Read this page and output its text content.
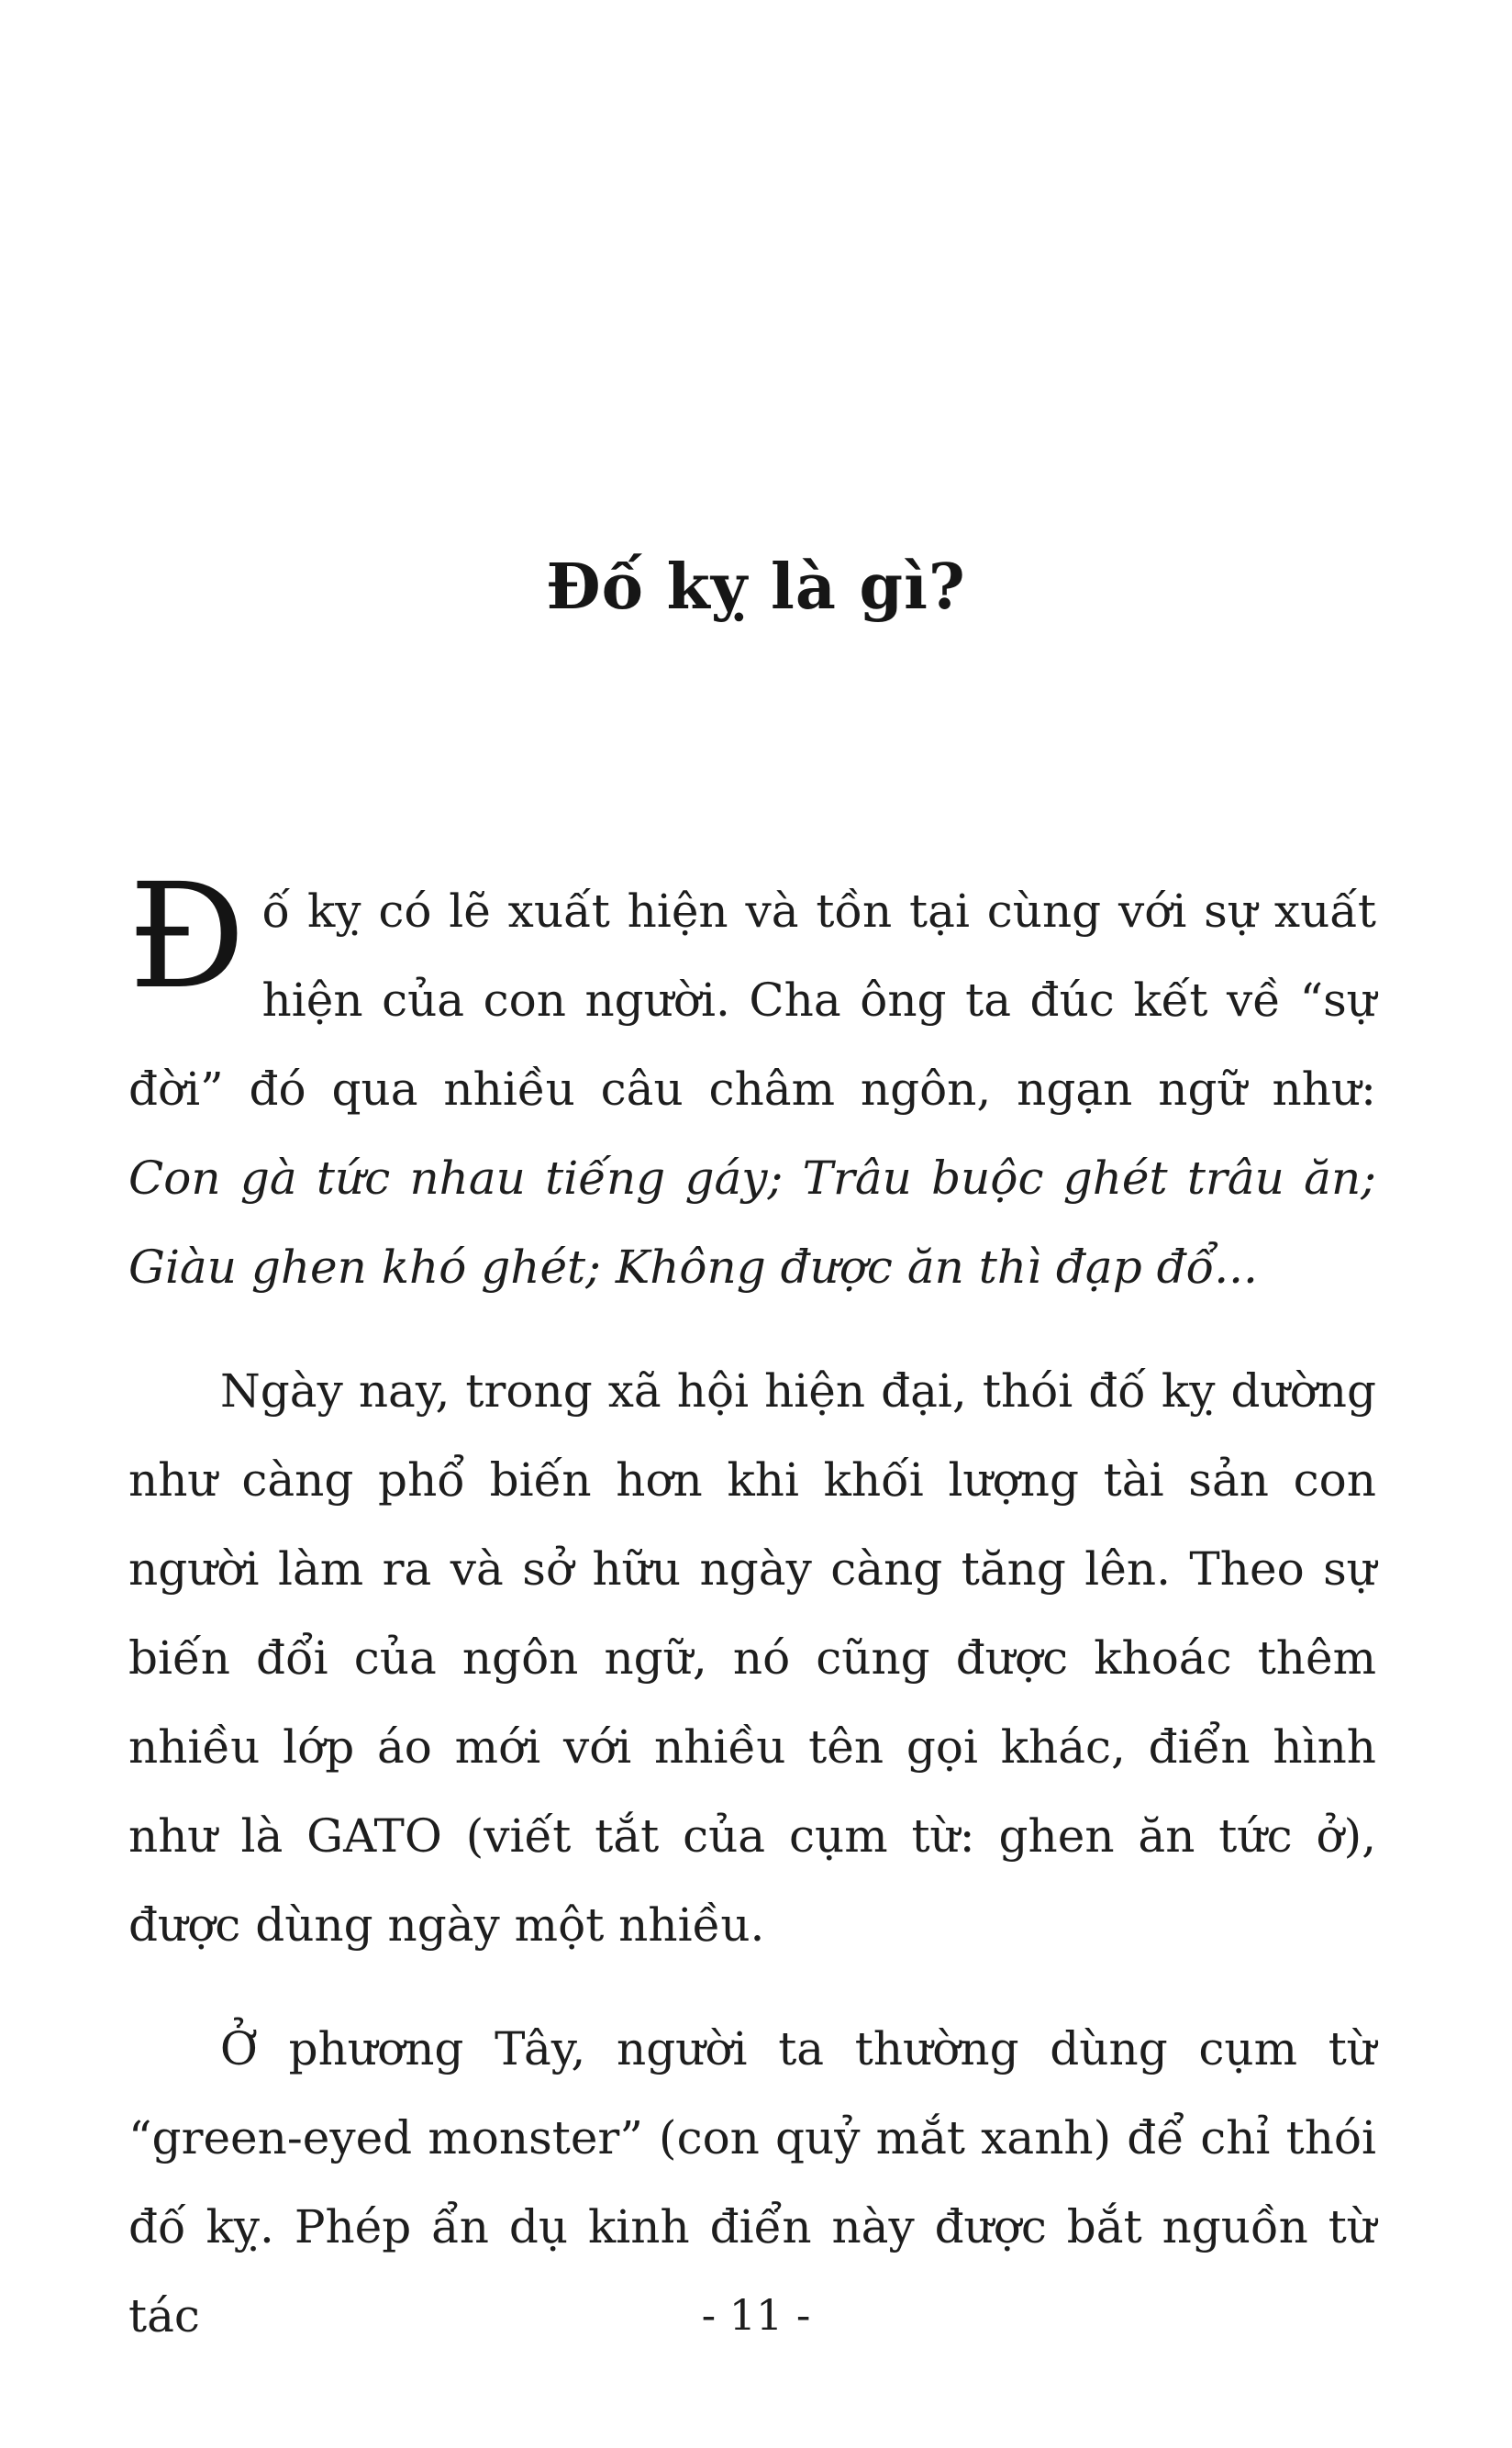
Đố kỵ là gì?

Đố kỵ có lẽ xuất hiện và tồn tại cùng với sự xuất hiện của con người. Cha ông ta đúc kết về “sự đời” đó qua nhiều câu châm ngôn, ngạn ngữ như: Con gà tức nhau tiếng gáy; Trâu buộc ghét trâu ăn; Giàu ghen khó ghét; Không được ăn thì đạp đổ...

Ngày nay, trong xã hội hiện đại, thói đố kỵ dường như càng phổ biến hơn khi khối lượng tài sản con người làm ra và sở hữu ngày càng tăng lên. Theo sự biến đổi của ngôn ngữ, nó cũng được khoác thêm nhiều lớp áo mới với nhiều tên gọi khác, điển hình như là GATO (viết tắt của cụm từ: ghen ăn tức ở), được dùng ngày một nhiều.

Ở phương Tây, người ta thường dùng cụm từ “green-eyed monster” (con quỷ mắt xanh) để chỉ thói đố kỵ. Phép ẩn dụ kinh điển này được bắt nguồn từ tác	- 11 -
